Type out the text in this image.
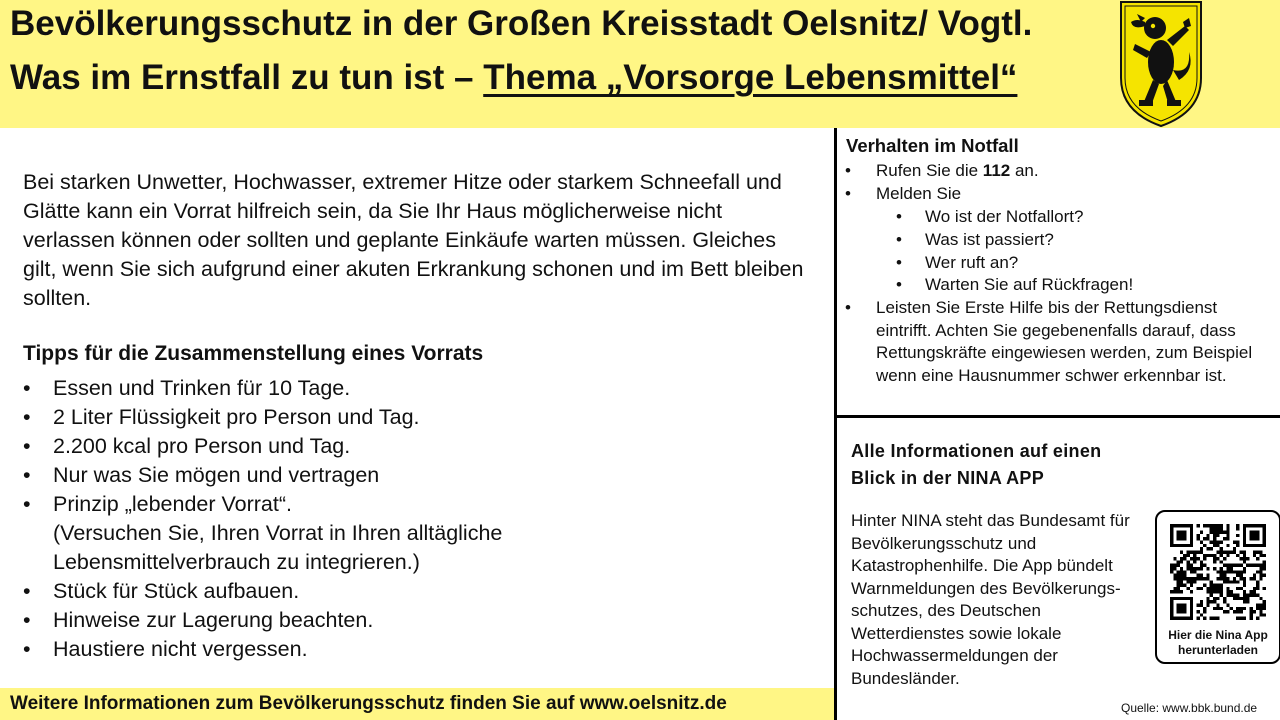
Bevölkerungsschutz in der Großen Kreisstadt Oelsnitz/ Vogtl.
Was im Ernstfall zu tun ist – Thema „Vorsorge Lebensmittel“
Bei starken Unwetter, Hochwasser, extremer Hitze oder starkem Schneefall und Glätte kann ein Vorrat hilfreich sein, da Sie Ihr Haus möglicherweise nicht verlassen können oder sollten und geplante Einkäufe warten müssen. Gleiches gilt, wenn Sie sich aufgrund einer akuten Erkrankung schonen und im Bett bleiben sollten.
Tipps für die Zusammenstellung eines Vorrats
• Essen und Trinken für 10 Tage.
• 2 Liter Flüssigkeit pro Person und Tag.
• 2.200 kcal pro Person und Tag.
• Nur was Sie mögen und vertragen
• Prinzip „lebender Vorrat“.
(Versuchen Sie, Ihren Vorrat in Ihren alltägliche
Lebensmittelverbrauch zu integrieren.)
• Stück für Stück aufbauen.
• Hinweise zur Lagerung beachten.
• Haustiere nicht vergessen.
Weitere Informationen zum Bevölkerungsschutz finden Sie auf www.oelsnitz.de
Verhalten im Notfall
• Rufen Sie die 112 an.
• Melden Sie
• Wo ist der Notfallort?
• Was ist passiert?
• Wer ruft an?
• Warten Sie auf Rückfragen!
• Leisten Sie Erste Hilfe bis der Rettungsdienst eintrifft. Achten Sie gegebenenfalls darauf, dass Rettungskräfte eingewiesen werden, zum Beispiel wenn eine Hausnummer schwer erkennbar ist.
Alle Informationen auf einen
Blick in der NINA APP
Hinter NINA steht das Bundesamt für Bevölkerungsschutz und Katastrophenhilfe. Die App bündelt Warnmeldungen des Bevölkerungs-schutzes, des Deutschen Wetterdienstes sowie lokale Hochwassermeldungen der Bundesländer.
Hier die Nina App
herunterladen
Quelle: www.bbk.bund.de
